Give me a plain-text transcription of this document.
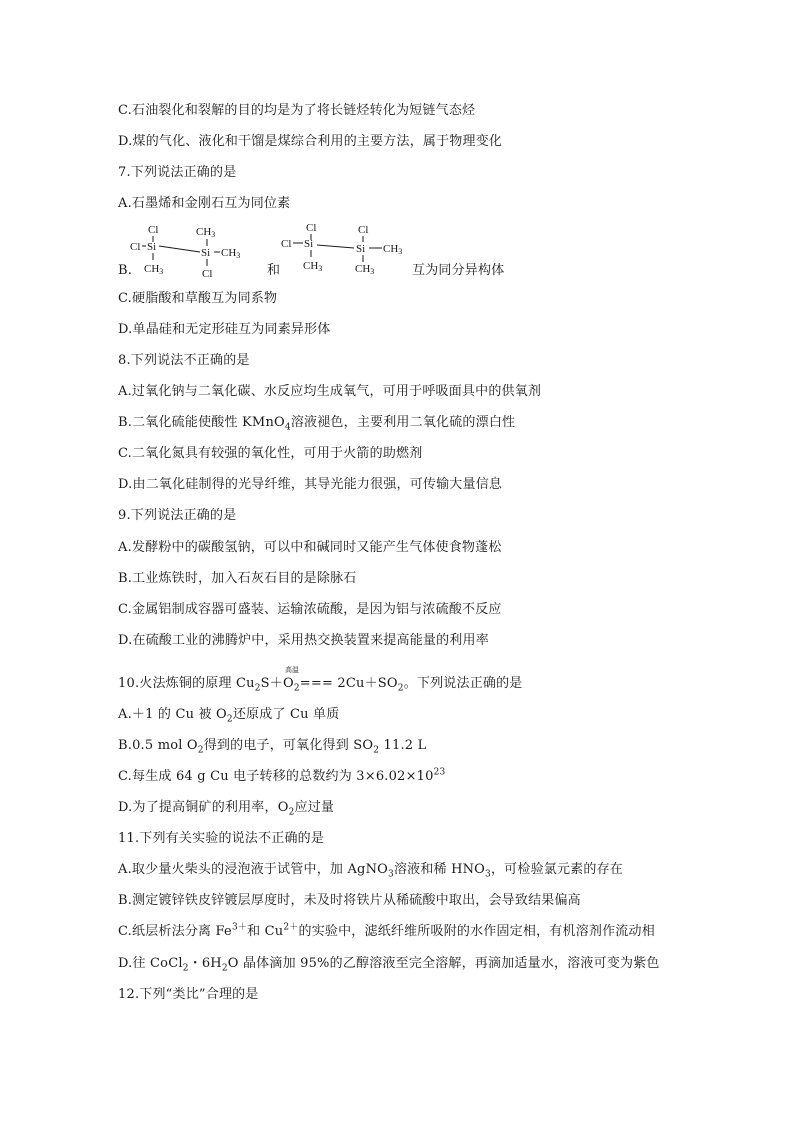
C.石油裂化和裂解的目的均是为了将长链烃转化为短链气态烃
D.煤的气化、液化和干馏是煤综合利用的主要方法，属于物理变化
7.下列说法正确的是
A.石墨烯和金刚石互为同位素
B.
Cl
Cl Si
CH3
CH3
Si CH3
Cl	和
Cl
Cl Si
CH3
Cl
Si CH3
CH3	互为同分异构体
C.硬脂酸和草酸互为同系物
D.单晶硅和无定形硅互为同素异形体
8.下列说法不正确的是
A.过氧化钠与二氧化碳、水反应均生成氧气，可用于呼吸面具中的供氧剂
B.二氧化硫能使酸性 KMnO$_4$溶液褪色，主要利用二氧化硫的漂白性
C.二氧化氮具有较强的氧化性，可用于火箭的助燃剂
D.由二氧化硅制得的光导纤维，其导光能力很强，可传输大量信息
9.下列说法正确的是
A.发酵粉中的碳酸氢钠，可以中和碱同时又能产生气体使食物蓬松
B.工业炼铁时，加入石灰石目的是除脉石
C.金属铝制成容器可盛装、运输浓硫酸，是因为铝与浓硫酸不反应
D.在硫酸工业的沸腾炉中，采用热交换装置来提高能量的利用率
高温
10.火法炼铜的原理 $Cu_2S+O_2=== 2Cu+SO_2$。下列说法正确的是
A.＋1 的 Cu 被 $O_2$还原成了 Cu 单质
B.0.5 mol $O_2$得到的电子，可氧化得到 $SO_2$ 11.2 L
C.每生成 64 g Cu 电子转移的总数约为 $3\times 6.02\times 10^{23}$
D.为了提高铜矿的利用率，$O_2$应过量
11.下列有关实验的说法不正确的是
A.取少量火柴头的浸泡液于试管中，加 AgNO$_3$溶液和稀 $HNO_3$，可检验氯元素的存在
B.测定镀锌铁皮锌镀层厚度时，未及时将铁片从稀硫酸中取出，会导致结果偏高
C.纸层析法分离 $Fe^{3+}$和 $Cu^{2+}$的实验中，滤纸纤维所吸附的水作固定相，有机溶剂作流动相
D.往 CoCl$_2$・$6H_2O$ 晶体滴加 95%的乙醇溶液至完全溶解，再滴加适量水，溶液可变为紫色
12.下列“类比”合理的是
